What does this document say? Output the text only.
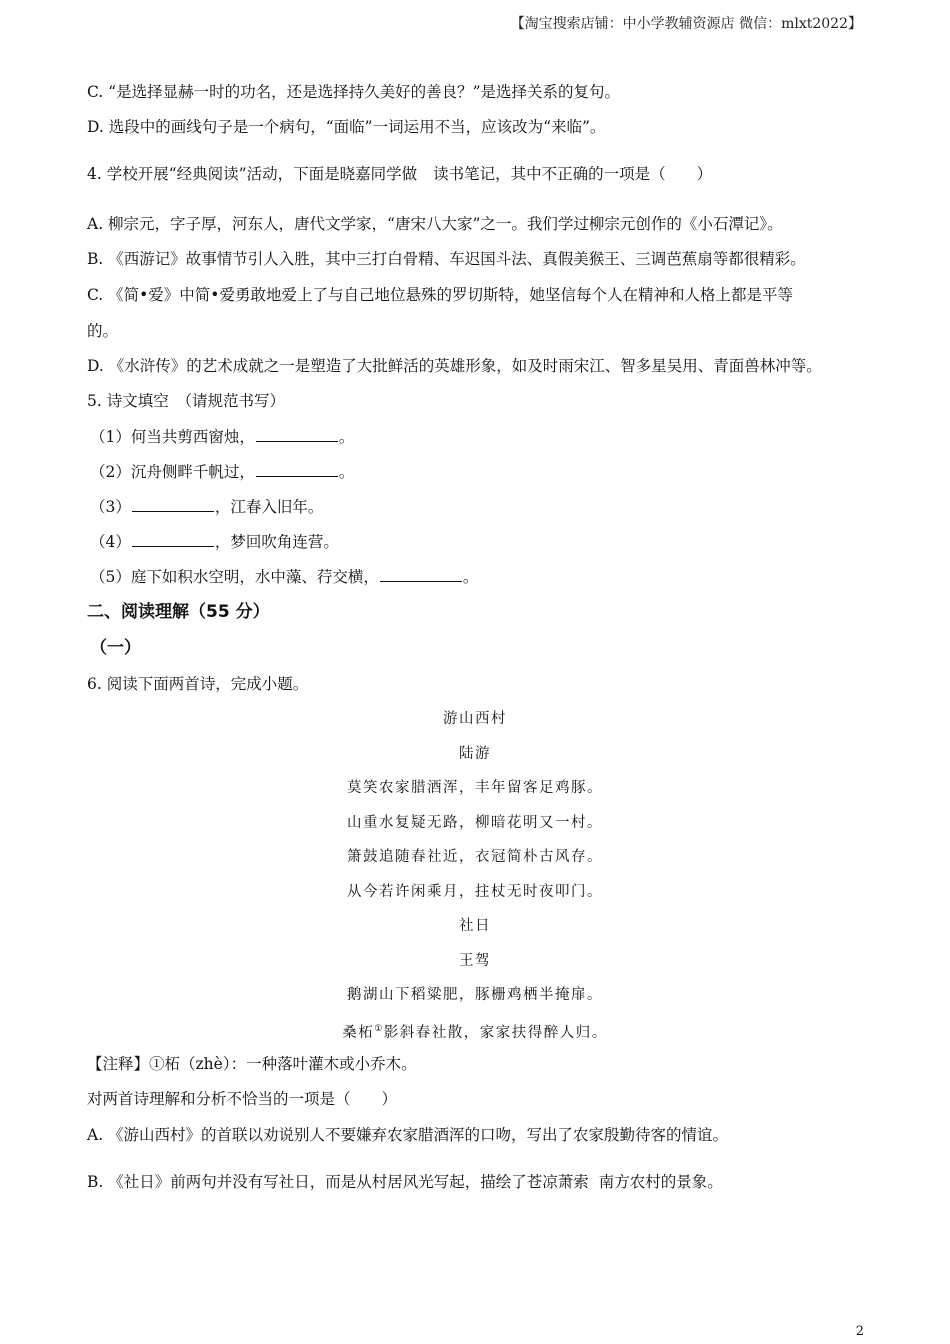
【淘宝搜索店铺：中小学教辅资源店 微信：mlxt2022】
C. “是选择显赫一时的功名，还是选择持久美好的善良？”是选择关系的复句。
D. 选段中的画线句子是一个病句，“面临”一词运用不当，应该改为“来临”。
4. 学校开展“经典阅读”活动，下面是晓嘉同学做 读书笔记，其中不正确的一项是（　　）
A. 柳宗元，字子厚，河东人，唐代文学家，“唐宋八大家”之一。我们学过柳宗元创作的《小石潭记》。
B. 《西游记》故事情节引人入胜，其中三打白骨精、车迟国斗法、真假美猴王、三调芭蕉扇等都很精彩。
C. 《简•爱》中简•爱勇敢地爱上了与自己地位悬殊的罗切斯特，她坚信每个人在精神和人格上都是平等
的。
D. 《水浒传》的艺术成就之一是塑造了大批鲜活的英雄形象，如及时雨宋江、智多星吴用、青面兽林冲等。
5. 诗文填空　（请规范书写）
（1）何当共剪西窗烛，	。
（2）沉舟侧畔千帆过，	。
（3）	，江春入旧年。
（4）	，梦回吹角连营。
（5）庭下如积水空明，水中藻、荇交横，	。
二、阅读理解（55 分）
（一）
6. 阅读下面两首诗，完成小题。
游山西村
陆游
莫笑农家腊酒浑，丰年留客足鸡豚。
山重水复疑无路，柳暗花明又一村。
箫鼓追随春社近，衣冠简朴古风存。
从今若许闲乘月，拄杖无时夜叩门。
社日
王驾
鹅湖山下稻粱肥，豚栅鸡栖半掩扉。
桑柘①影斜春社散，家家扶得醉人归。
【注释】①柘（zhè）：一种落叶灌木或小乔木。
对两首诗理解和分析不恰当的一项是（　　）
A. 《游山西村》的首联以劝说别人不要嫌弃农家腊酒浑的口吻，写出了农家殷勤待客的情谊。
B. 《社日》前两句并没有写社日，而是从村居风光写起，描绘了苍凉萧索 南方农村的景象。
2
